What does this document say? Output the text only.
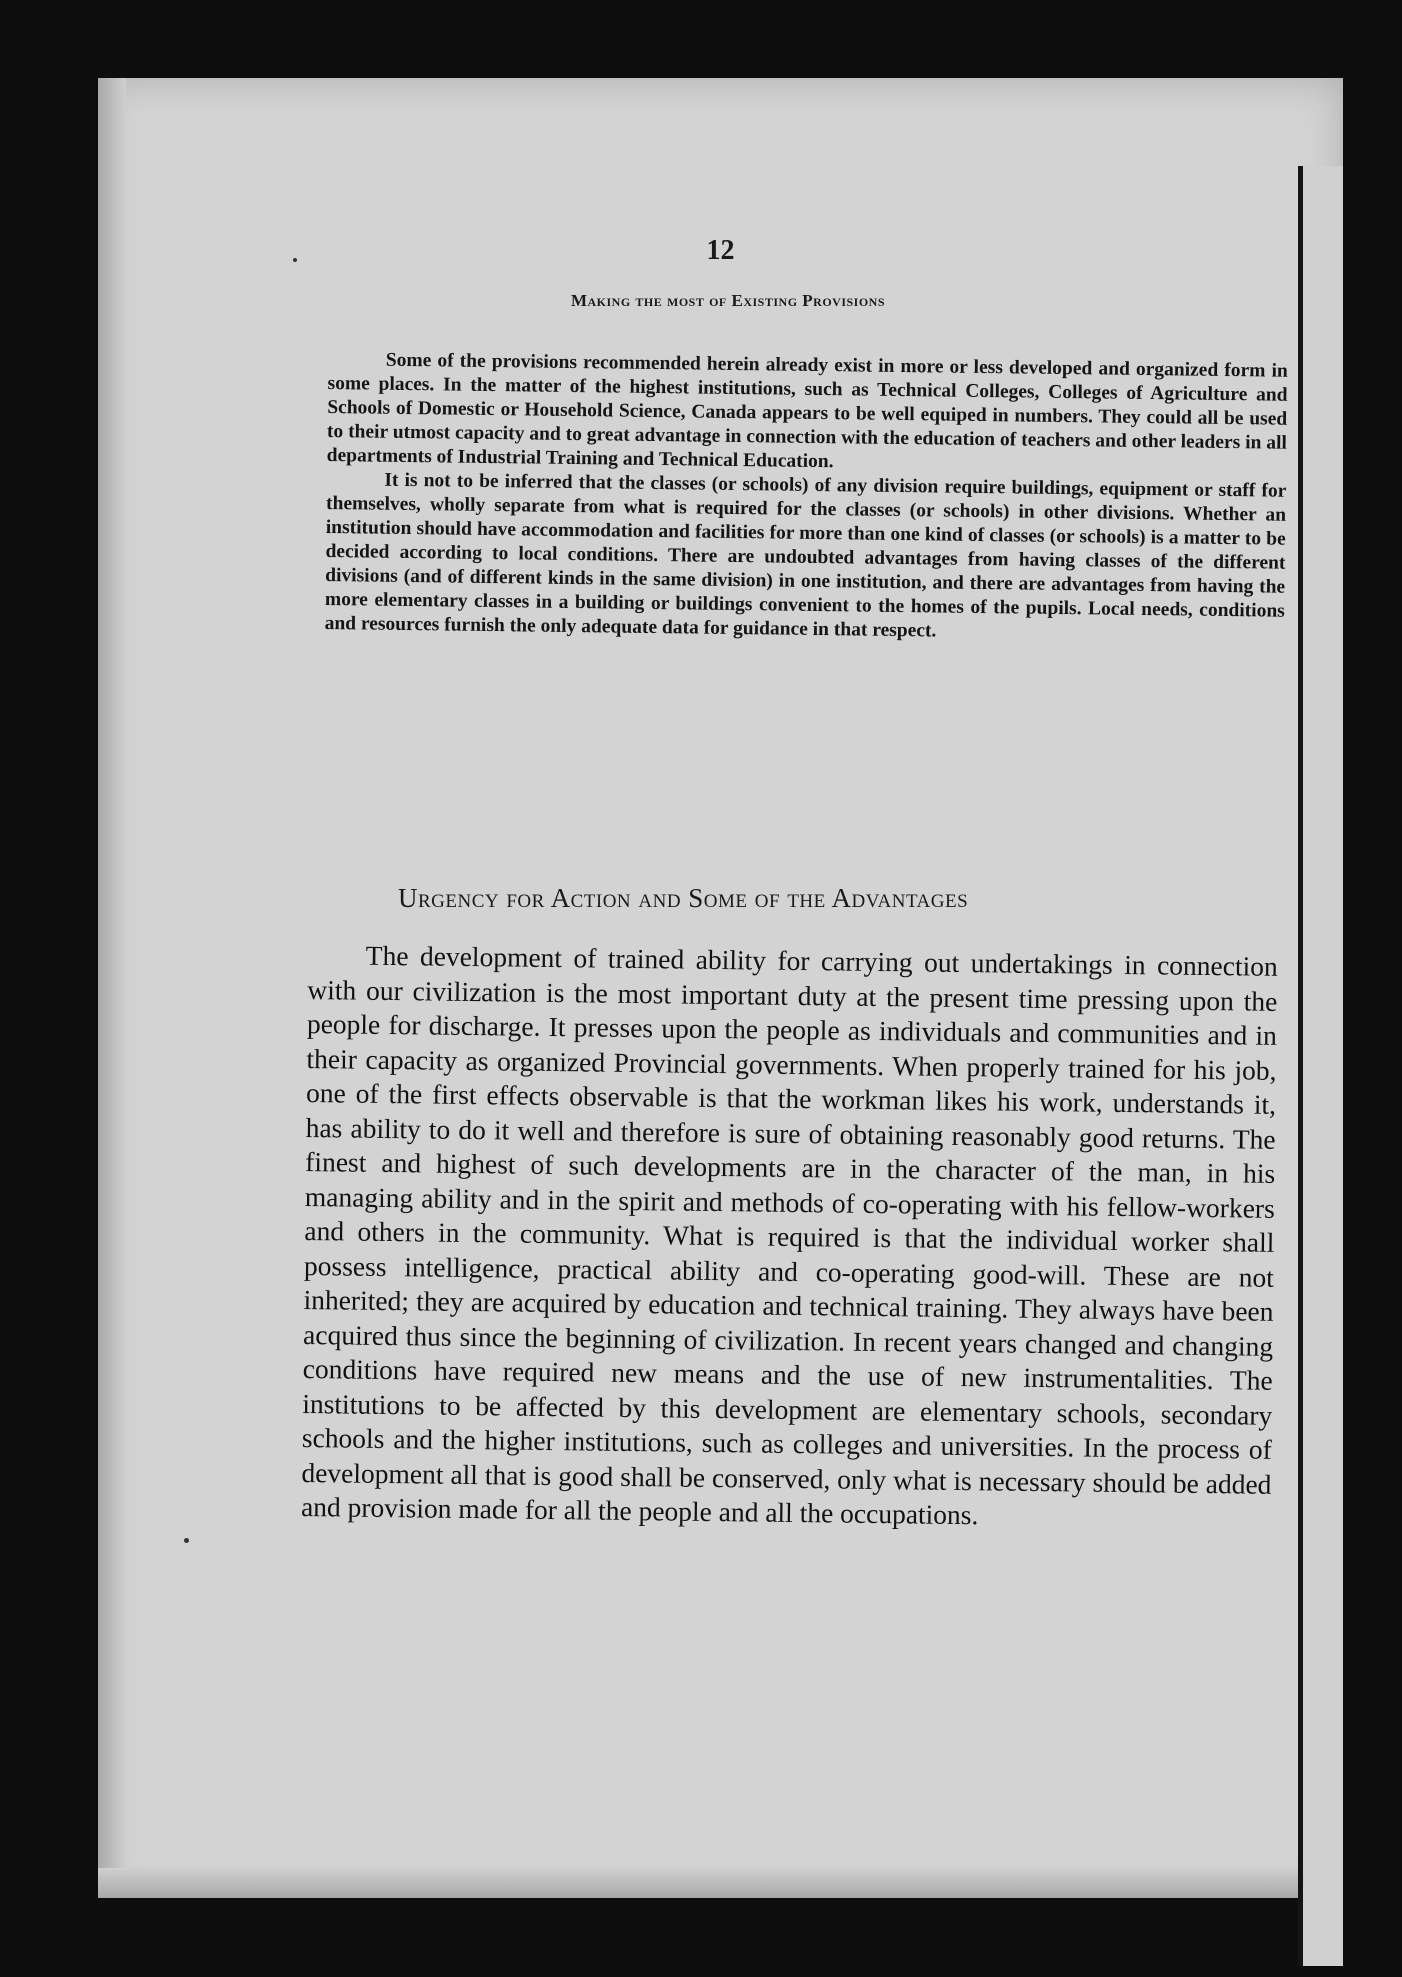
12
Making the most of Existing Provisions

Some of the provisions recommended herein already exist in more or less developed and organized form in some places. In the matter of the highest institutions, such as Technical Colleges, Colleges of Agriculture and Schools of Domestic or Household Science, Canada appears to be well equiped in numbers. They could all be used to their utmost capacity and to great advantage in connection with the education of teachers and other leaders in all departments of Industrial Training and Technical Education.

It is not to be inferred that the classes (or schools) of any division require buildings, equipment or staff for themselves, wholly separate from what is required for the classes (or schools) in other divisions. Whether an institution should have accommodation and facilities for more than one kind of classes (or schools) is a matter to be decided according to local conditions. There are undoubted advantages from having classes of the different divisions (and of different kinds in the same division) in one institution, and there are advantages from having the more elementary classes in a building or buildings convenient to the homes of the pupils. Local needs, conditions and resources furnish the only adequate data for guidance in that respect.

Urgency for Action and Some of the Advantages

The development of trained ability for carrying out undertakings in connection with our civilization is the most important duty at the present time pressing upon the people for discharge. It presses upon the people as individuals and communities and in their capacity as organized Provincial governments. When properly trained for his job, one of the first effects observable is that the workman likes his work, understands it, has ability to do it well and therefore is sure of obtaining reasonably good returns. The finest and highest of such developments are in the character of the man, in his managing ability and in the spirit and methods of co-operating with his fellow-workers and others in the community. What is required is that the individual worker shall possess intelligence, practical ability and co-operating good-will. These are not inherited; they are acquired by education and technical training. They always have been acquired thus since the beginning of civilization. In recent years changed and changing conditions have required new means and the use of new instrumentalities. The institutions to be affected by this development are elementary schools, secondary schools and the higher institutions, such as colleges and universities. In the process of development all that is good shall be conserved, only what is necessary should be added and provision made for all the people and all the occupations.
